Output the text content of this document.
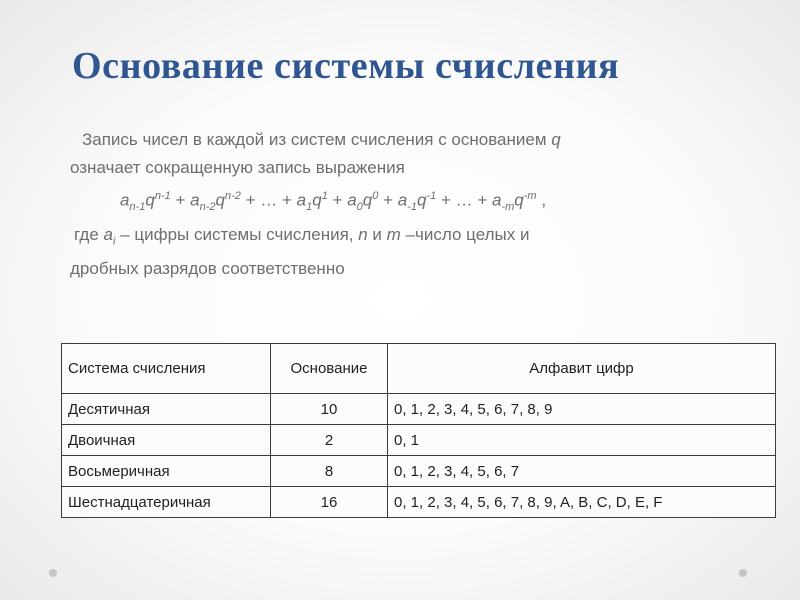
Основание системы счисления
Запись чисел в каждой из систем счисления с основанием q
означает сокращенную запись выражения
$a_{n-1}q^{n-1} + a_{n-2}q^{n-2}$ + … + $a_1q^1 + a_0q^0 + a_{-1}q^{-1}$ + … + $a_{-m}q^{-m}$ ,
где $a_i$ – цифры системы счисления, n и m –число целых и
дробных разрядов соответственно
Система счисления	Основание	Алфавит цифр
Десятичная	10	0, 1, 2, 3, 4, 5, 6, 7, 8, 9
Двоичная	2	0, 1
Восьмеричная	8	0, 1, 2, 3, 4, 5, 6, 7
Шестнадцатеричная	16	0, 1, 2, 3, 4, 5, 6, 7, 8, 9, A, B, C, D, E, F
